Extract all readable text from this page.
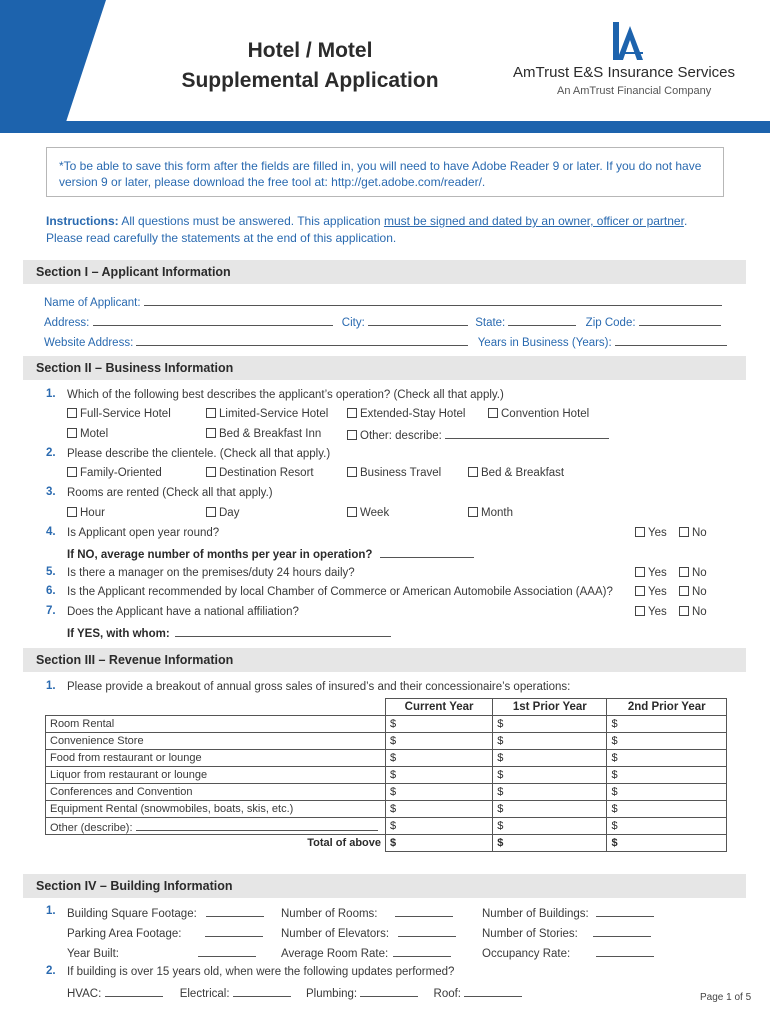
Hotel / Motel
Supplemental Application	AmTrust E&S Insurance Services
An AmTrust Financial Company
*To be able to save this form after the fields are filled in, you will need to have Adobe Reader 9 or later. If you do not have version 9 or later, please download the free tool at: http://get.adobe.com/reader/.
Instructions: All questions must be answered. This application must be signed and dated by an owner, officer or partner.
Please read carefully the statements at the end of this application.
Section I – Applicant Information
Name of Applicant:
Address:	City:	State:	Zip Code:
Website Address:	Years in Business (Years):
Section II – Business Information
1. Which of the following best describes the applicant’s operation? (Check all that apply.)
Full-Service Hotel	Limited-Service Hotel	Extended-Stay Hotel	Convention Hotel
Motel	Bed & Breakfast Inn	Other: describe:
2. Please describe the clientele. (Check all that apply.)
Family-Oriented	Destination Resort	Business Travel	Bed & Breakfast
3. Rooms are rented (Check all that apply.)
Hour	Day	Week	Month
4. Is Applicant open year round?	Yes	No
If NO, average number of months per year in operation?
5. Is there a manager on the premises/duty 24 hours daily?	Yes	No
6. Is the Applicant recommended by local Chamber of Commerce or American Automobile Association (AAA)?	Yes	No
7. Does the Applicant have a national affiliation?	Yes	No
If YES, with whom:
Section III – Revenue Information
1. Please provide a breakout of annual gross sales of insured’s and their concessionaire’s operations:
	Current Year	1st Prior Year	2nd Prior Year
Room Rental	$	$	$
Convenience Store	$	$	$
Food from restaurant or lounge	$	$	$
Liquor from restaurant or lounge	$	$	$
Conferences and Convention	$	$	$
Equipment Rental (snowmobiles, boats, skis, etc.)	$	$	$
Other (describe):	$	$	$
Total of above	$	$	$
Section IV – Building Information
1. Building Square Footage:	Number of Rooms:	Number of Buildings:
Parking Area Footage:	Number of Elevators:	Number of Stories:
Year Built:	Average Room Rate:	Occupancy Rate:
2. If building is over 15 years old, when were the following updates performed?
HVAC:	Electrical:	Plumbing:	Roof:	Page 1 of 5
